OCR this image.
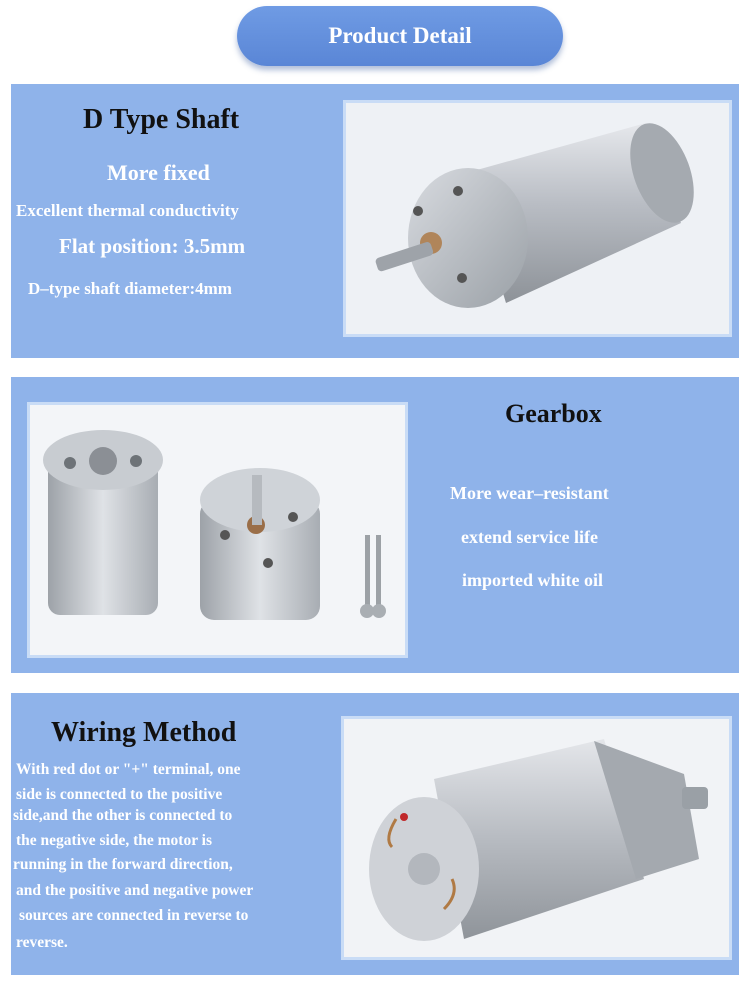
Product Detail
D Type Shaft
More fixed
Excellent thermal conductivity
Flat position: 3.5mm
D–type shaft diameter:4mm
Gearbox
More wear–resistant
extend service life
imported white oil
Wiring Method
With red dot or "+" terminal, one
side is connected to the positive
side,and the other is connected to
the negative side, the motor is
running in the forward direction,
and the positive and negative power
sources are connected in reverse to
reverse.
